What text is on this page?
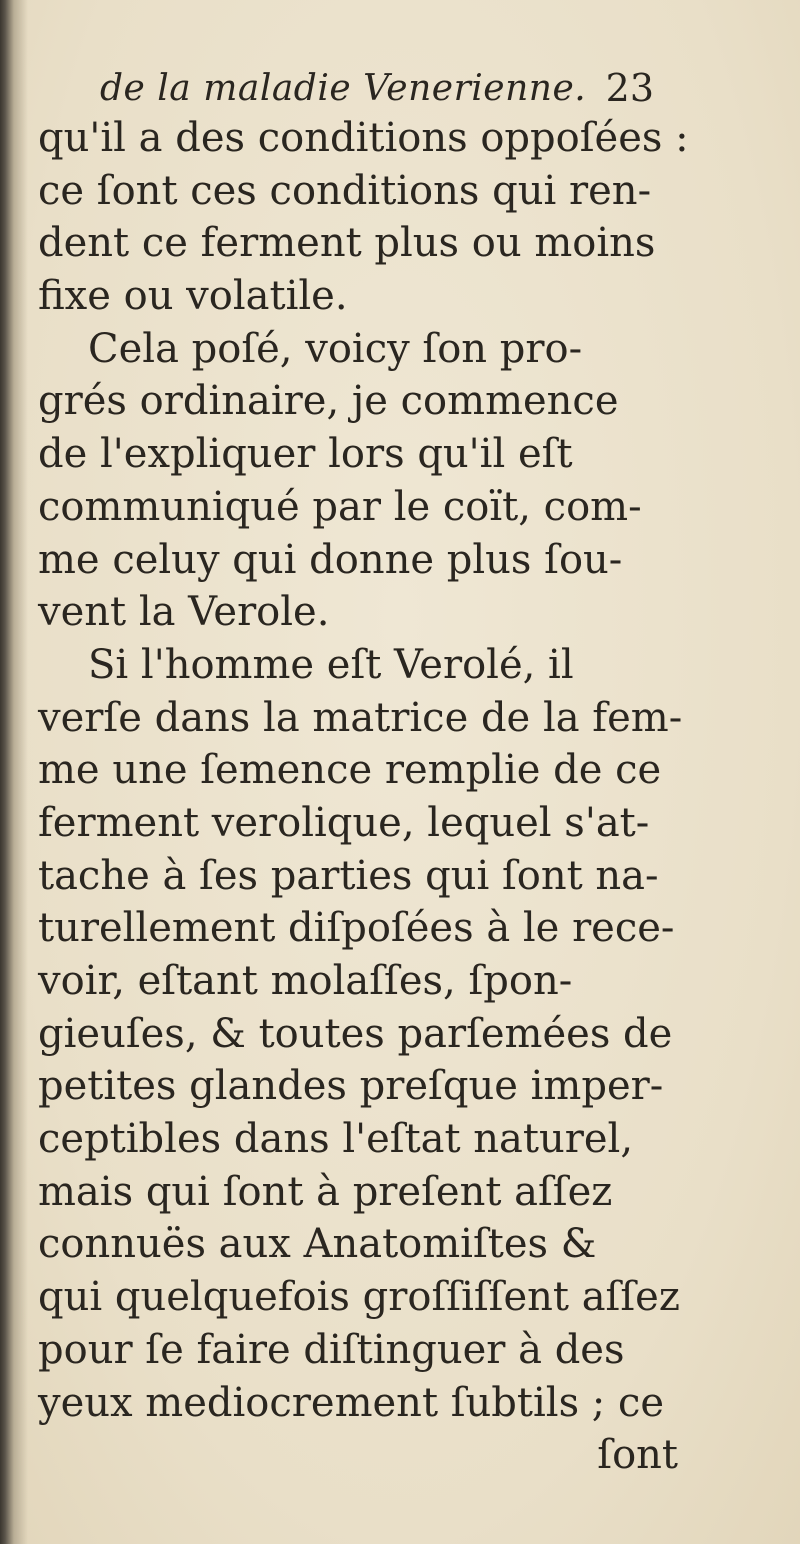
de la maladie Venerienne. 23
qu'il a des conditions oppoſées :
ce ſont ces conditions qui ren-
dent ce ferment plus ou moins
fixe ou volatile.
Cela poſé, voicy ſon pro-
grés ordinaire, je commence
de l'expliquer lors qu'il eſt
communiqué par le coït, com-
me celuy qui donne plus ſou-
vent la Verole.
Si l'homme eſt Verolé, il
verſe dans la matrice de la fem-
me une ſemence remplie de ce
ferment verolique, lequel s'at-
tache à ſes parties qui ſont na-
turellement diſpoſées à le rece-
voir, eſtant molaſſes, ſpon-
gieuſes, & toutes parſemées de
petites glandes preſque imper-
ceptibles dans l'eſtat naturel,
mais qui ſont à preſent aſſez
connuës aux Anatomiſtes &
qui quelquefois groſſiſſent aſſez
pour ſe faire diſtinguer à des
yeux mediocrement ſubtils ; ce
ſont
